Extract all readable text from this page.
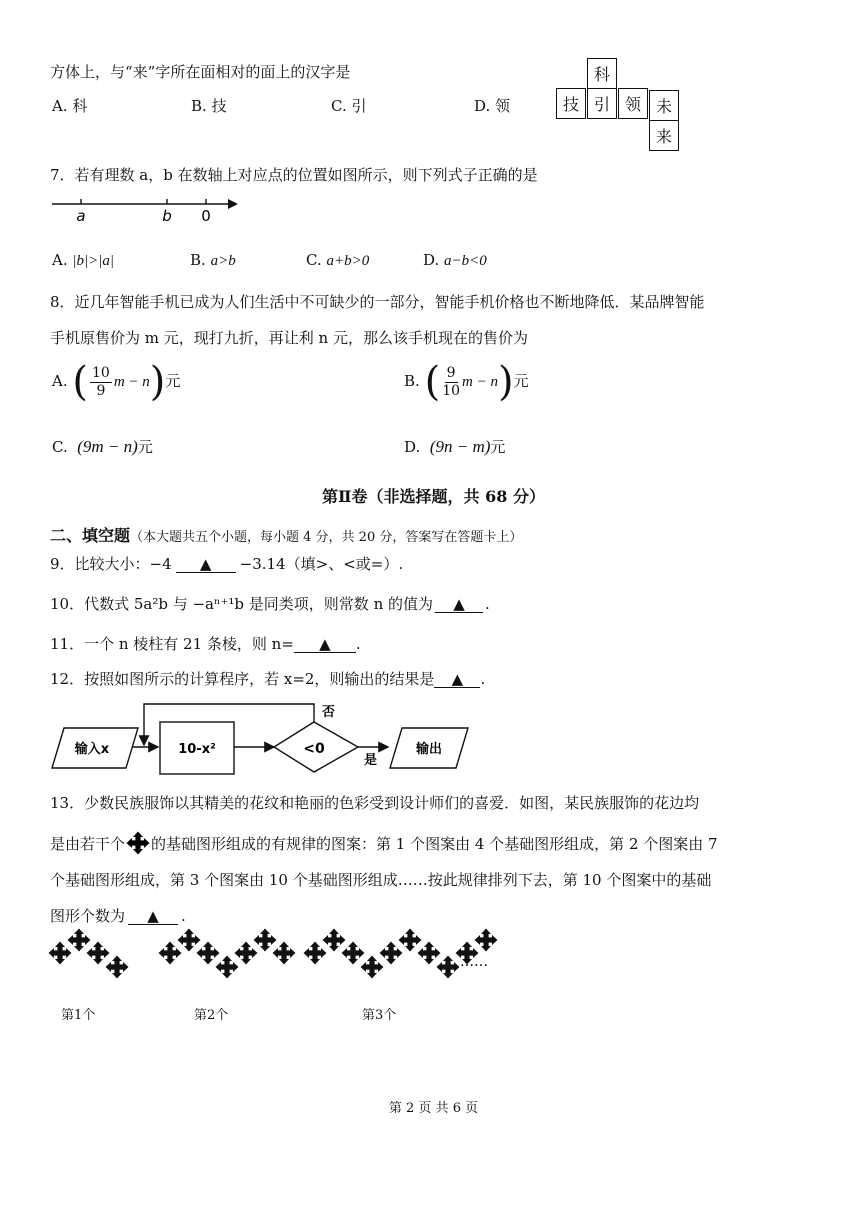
方体上，与“来”字所在面相对的面上的汉字是
A. 科	B. 技	C. 引	D. 领
科
技 引 领 未
来
7．若有理数 a，b 在数轴上对应点的位置如图所示，则下列式子正确的是
a	b 0
A. |b|>|a|	B. a>b	C. a+b>0	D. a−b<0
8．近几年智能手机已成为人们生活中不可缺少的一部分，智能手机价格也不断地降低．某品牌智能
手机原售价为 m 元，现打九折，再让利 n 元，那么该手机现在的售价为
A. ( $\frac{10}{9}$ m − n)元	B. ( $\frac{9}{10}$ m − n)元
C. (9m − n)元	D. (9n − m)元
第Ⅱ卷（非选择题，共 68 分）
二、填空题（本大题共五个小题，每小题 4 分，共 20 分，答案写在答题卡上）
9．比较大小：−4 ▲ −3.14（填>、<或=）.
10．代数式 5a²b 与 −aⁿ⁺¹b 是同类项，则常数 n 的值为 ▲ .
11．一个 n 棱柱有 21 条棱，则 n= ▲ .
12．按照如图所示的计算程序，若 x=2，则输出的结果是 ▲ .
输入x	10-x²	<0
否
是
输出
13．少数民族服饰以其精美的花纹和艳丽的色彩受到设计师们的喜爱．如图，某民族服饰的花边均
是由若干个 的基础图形组成的有规律的图案：第 1 个图案由 4 个基础图形组成，第 2 个图案由 7
个基础图形组成，第 3 个图案由 10 个基础图形组成……按此规律排列下去，第 10 个图案中的基础
图形个数为 ▲ .
……
第1个	第2个	第3个
第 2 页 共 6 页
